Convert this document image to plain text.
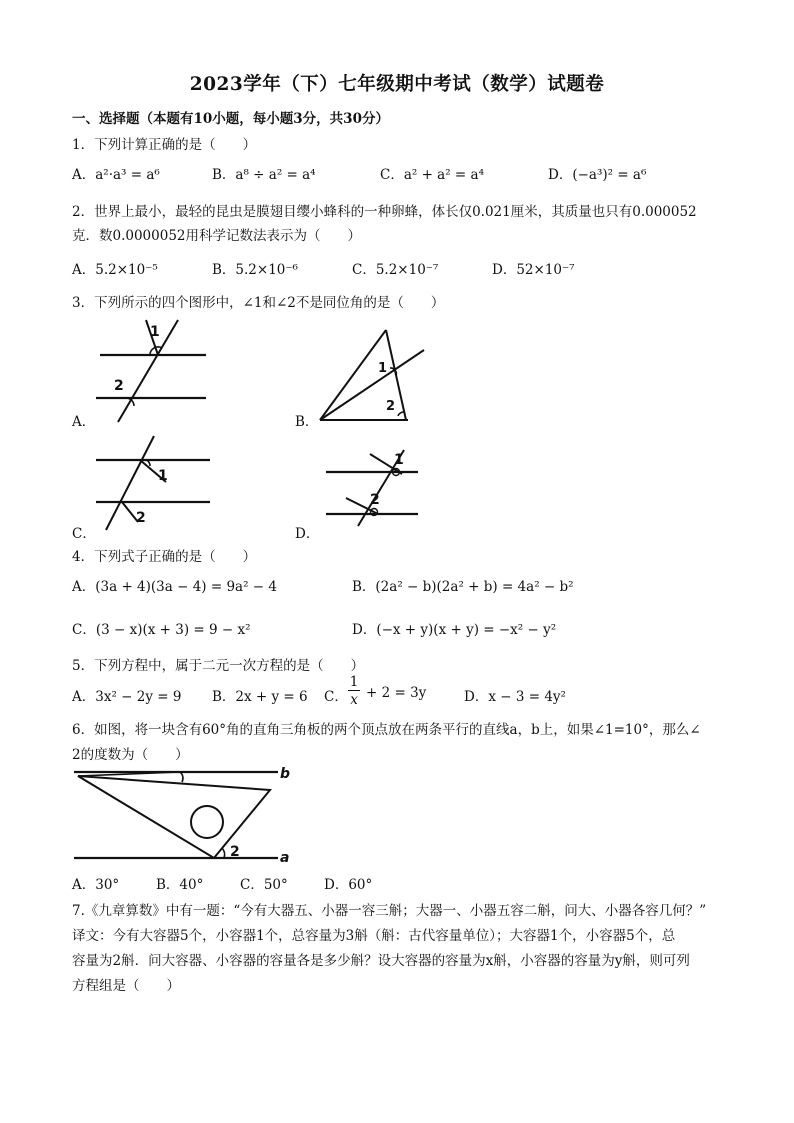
2023学年（下）七年级期中考试（数学）试题卷
一、选择题（本题有10小题，每小题3分，共30分）
1．下列计算正确的是（　　）
A．a²·a³ = a⁶	B．a⁸ ÷ a² = a⁴	C．a² + a² = a⁴	D．(−a³)² = a⁶
2．世界上最小，最轻的昆虫是膜翅目缨小蜂科的一种卵蜂，体长仅0.021厘米，其质量也只有0.000052
克．数0.0000052用科学记数法表示为（　　）
A．5.2×10⁻⁵	B．5.2×10⁻⁶	C．5.2×10⁻⁷	D．52×10⁻⁷
3．下列所示的四个图形中，∠1和∠2不是同位角的是（　　）
1
2
A．
1
2
B．
1
2
C．
1
2
D．
4．下列式子正确的是（　　）
A．(3a + 4)(3a − 4) = 9a² − 4	B．(2a² − b)(2a² + b) = 4a² − b²
C．(3 − x)(x + 3) = 9 − x²	D．(−x + y)(x + y) = −x² − y²
5．下列方程中，属于二元一次方程的是（　　）
A．3x² − 2y = 9 B．2x + y = 6 C．
1
x + 2 = 3y	D．x − 3 = 4y²
6．如图，将一块含有60°角的直角三角板的两个顶点放在两条平行的直线a，b上，如果∠1=10°，那么∠
2的度数为（　　）
b
a
2
A．30°	B．40°	C．50°	D．60°
7.《九章算数》中有一题：“今有大器五、小器一容三斛；大器一、小器五容二斛，问大、小器各容几何？”
译文：今有大容器5个，小容器1个，总容量为3斛（斛：古代容量单位）；大容器1个，小容器5个，总
容量为2斛．问大容器、小容器的容量各是多少斛？设大容器的容量为x斛，小容器的容量为y斛，则可列
方程组是（　　）
